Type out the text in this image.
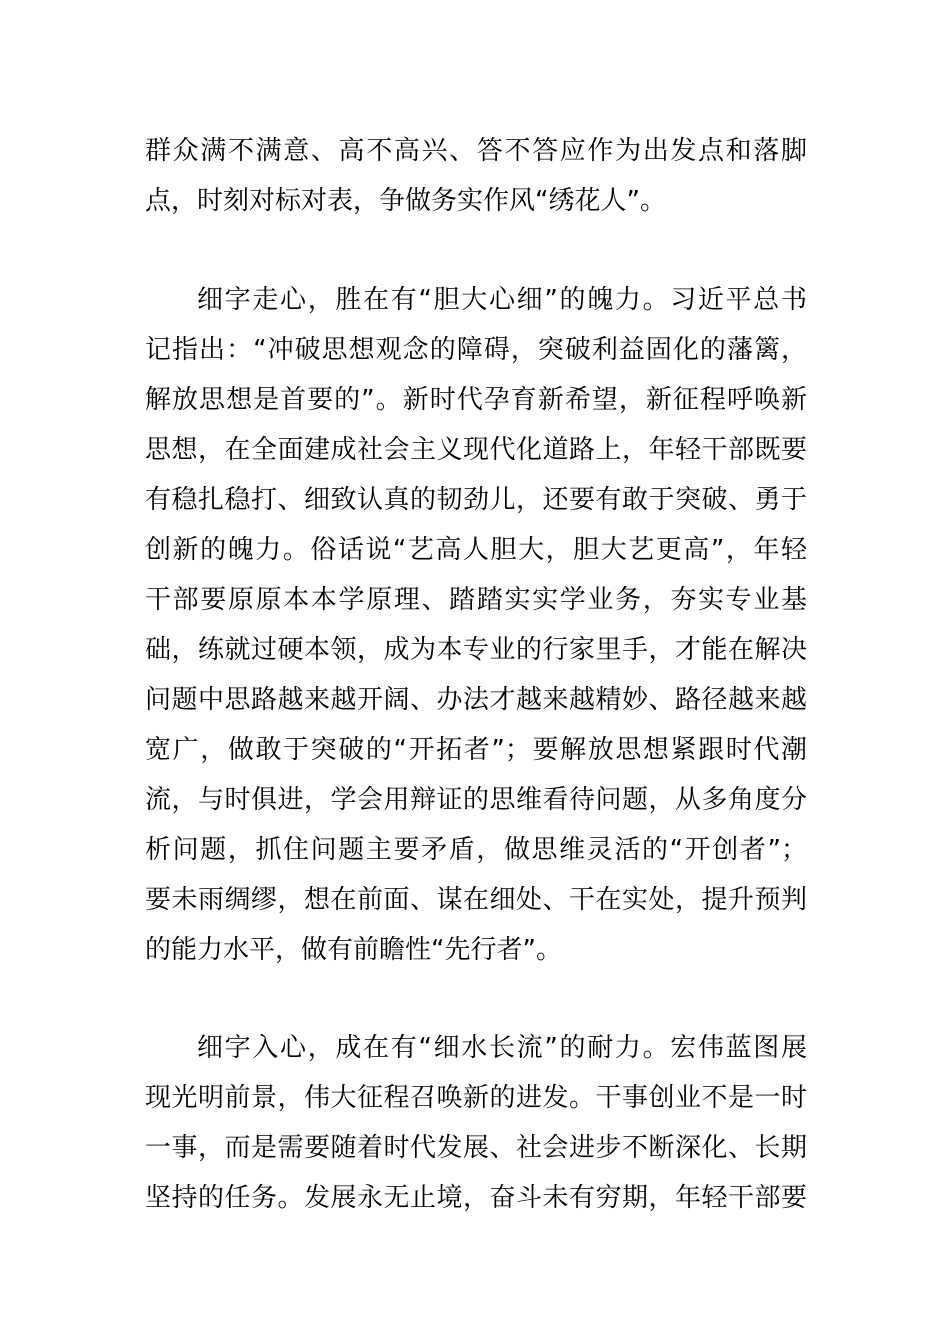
群众满不满意、高不高兴、答不答应作为出发点和落脚
点，时刻对标对表，争做务实作风“绣花人”。
细字走心，胜在有“胆大心细”的魄力。习近平总书
记指出：“冲破思想观念的障碍，突破利益固化的藩篱，
解放思想是首要的”。新时代孕育新希望，新征程呼唤新
思想，在全面建成社会主义现代化道路上，年轻干部既要
有稳扎稳打、细致认真的韧劲儿，还要有敢于突破、勇于
创新的魄力。俗话说“艺高人胆大，胆大艺更高”，年轻
干部要原原本本学原理、踏踏实实学业务，夯实专业基
础，练就过硬本领，成为本专业的行家里手，才能在解决
问题中思路越来越开阔、办法才越来越精妙、路径越来越
宽广，做敢于突破的“开拓者”；要解放思想紧跟时代潮
流，与时俱进，学会用辩证的思维看待问题，从多角度分
析问题，抓住问题主要矛盾，做思维灵活的“开创者”；
要未雨绸缪，想在前面、谋在细处、干在实处，提升预判
的能力水平，做有前瞻性“先行者”。
细字入心，成在有“细水长流”的耐力。宏伟蓝图展
现光明前景，伟大征程召唤新的进发。干事创业不是一时
一事，而是需要随着时代发展、社会进步不断深化、长期
坚持的任务。发展永无止境，奋斗未有穷期，年轻干部要
